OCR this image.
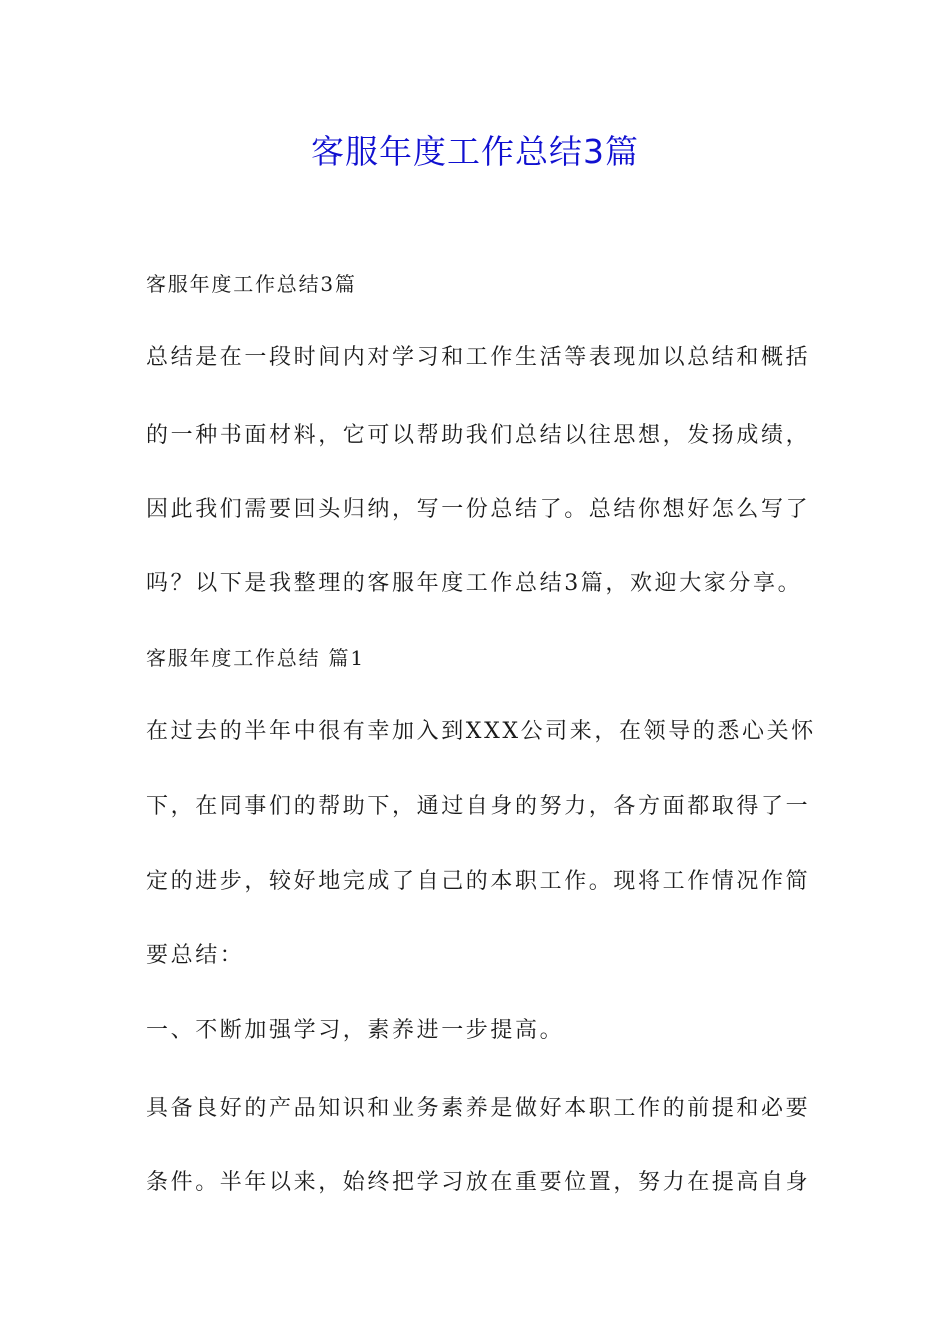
客服年度工作总结3篇

客服年度工作总结3篇

总结是在一段时间内对学习和工作生活等表现加以总结和概括

的一种书面材料，它可以帮助我们总结以往思想，发扬成绩，

因此我们需要回头归纳，写一份总结了。总结你想好怎么写了

吗？以下是我整理的客服年度工作总结3篇，欢迎大家分享。

客服年度工作总结 篇1

在过去的半年中很有幸加入到XXX公司来，在领导的悉心关怀

下，在同事们的帮助下，通过自身的努力，各方面都取得了一

定的进步，较好地完成了自己的本职工作。现将工作情况作简

要总结：

一、不断加强学习，素养进一步提高。

具备良好的产品知识和业务素养是做好本职工作的前提和必要

条件。半年以来，始终把学习放在重要位置，努力在提高自身
